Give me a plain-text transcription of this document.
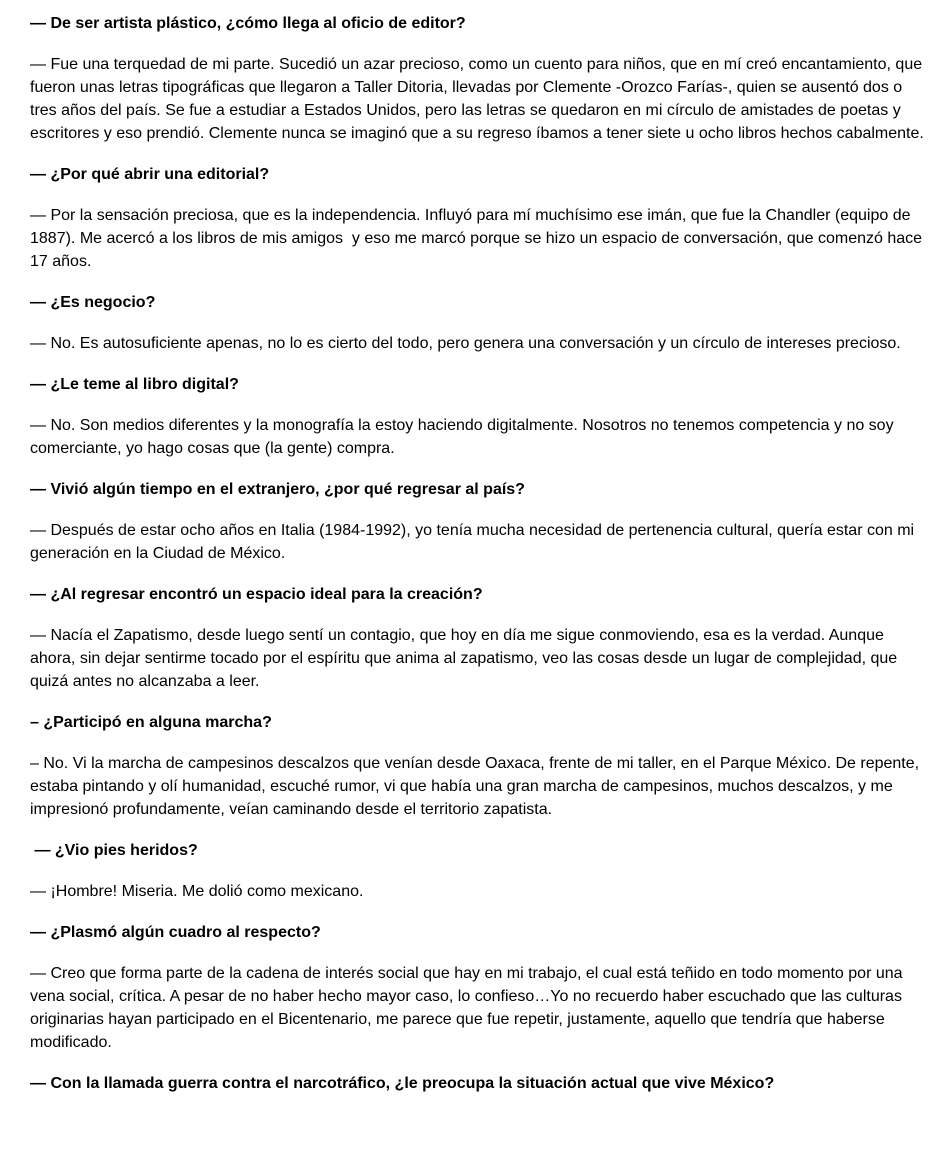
— De ser artista plástico, ¿cómo llega al oficio de editor?

— Fue una terquedad de mi parte. Sucedió un azar precioso, como un cuento para niños, que en mí creó encantamiento, que fueron unas letras tipográficas que llegaron a Taller Ditoria, llevadas por Clemente -Orozco Farías-, quien se ausentó dos o tres años del país. Se fue a estudiar a Estados Unidos, pero las letras se quedaron en mi círculo de amistades de poetas y escritores y eso prendió. Clemente nunca se imaginó que a su regreso íbamos a tener siete u ocho libros hechos cabalmente.

— ¿Por qué abrir una editorial?

— Por la sensación preciosa, que es la independencia. Influyó para mí muchísimo ese imán, que fue la Chandler (equipo de 1887). Me acercó a los libros de mis amigos  y eso me marcó porque se hizo un espacio de conversación, que comenzó hace 17 años.

— ¿Es negocio?

— No. Es autosuficiente apenas, no lo es cierto del todo, pero genera una conversación y un círculo de intereses precioso.

— ¿Le teme al libro digital?

— No. Son medios diferentes y la monografía la estoy haciendo digitalmente. Nosotros no tenemos competencia y no soy comerciante, yo hago cosas que (la gente) compra.

— Vivió algún tiempo en el extranjero, ¿por qué regresar al país?

— Después de estar ocho años en Italia (1984-1992), yo tenía mucha necesidad de pertenencia cultural, quería estar con mi generación en la Ciudad de México.

— ¿Al regresar encontró un espacio ideal para la creación?

— Nacía el Zapatismo, desde luego sentí un contagio, que hoy en día me sigue conmoviendo, esa es la verdad. Aunque ahora, sin dejar sentirme tocado por el espíritu que anima al zapatismo, veo las cosas desde un lugar de complejidad, que quizá antes no alcanzaba a leer.

– ¿Participó en alguna marcha?

– No. Vi la marcha de campesinos descalzos que venían desde Oaxaca, frente de mi taller, en el Parque México. De repente, estaba pintando y olí humanidad, escuché rumor, vi que había una gran marcha de campesinos, muchos descalzos, y me impresionó profundamente, veían caminando desde el territorio zapatista.

— ¿Vio pies heridos?

— ¡Hombre! Miseria. Me dolió como mexicano.

— ¿Plasmó algún cuadro al respecto?

— Creo que forma parte de la cadena de interés social que hay en mi trabajo, el cual está teñido en todo momento por una vena social, crítica. A pesar de no haber hecho mayor caso, lo confieso…Yo no recuerdo haber escuchado que las culturas originarias hayan participado en el Bicentenario, me parece que fue repetir, justamente, aquello que tendría que haberse modificado.

— Con la llamada guerra contra el narcotráfico, ¿le preocupa la situación actual que vive México?
